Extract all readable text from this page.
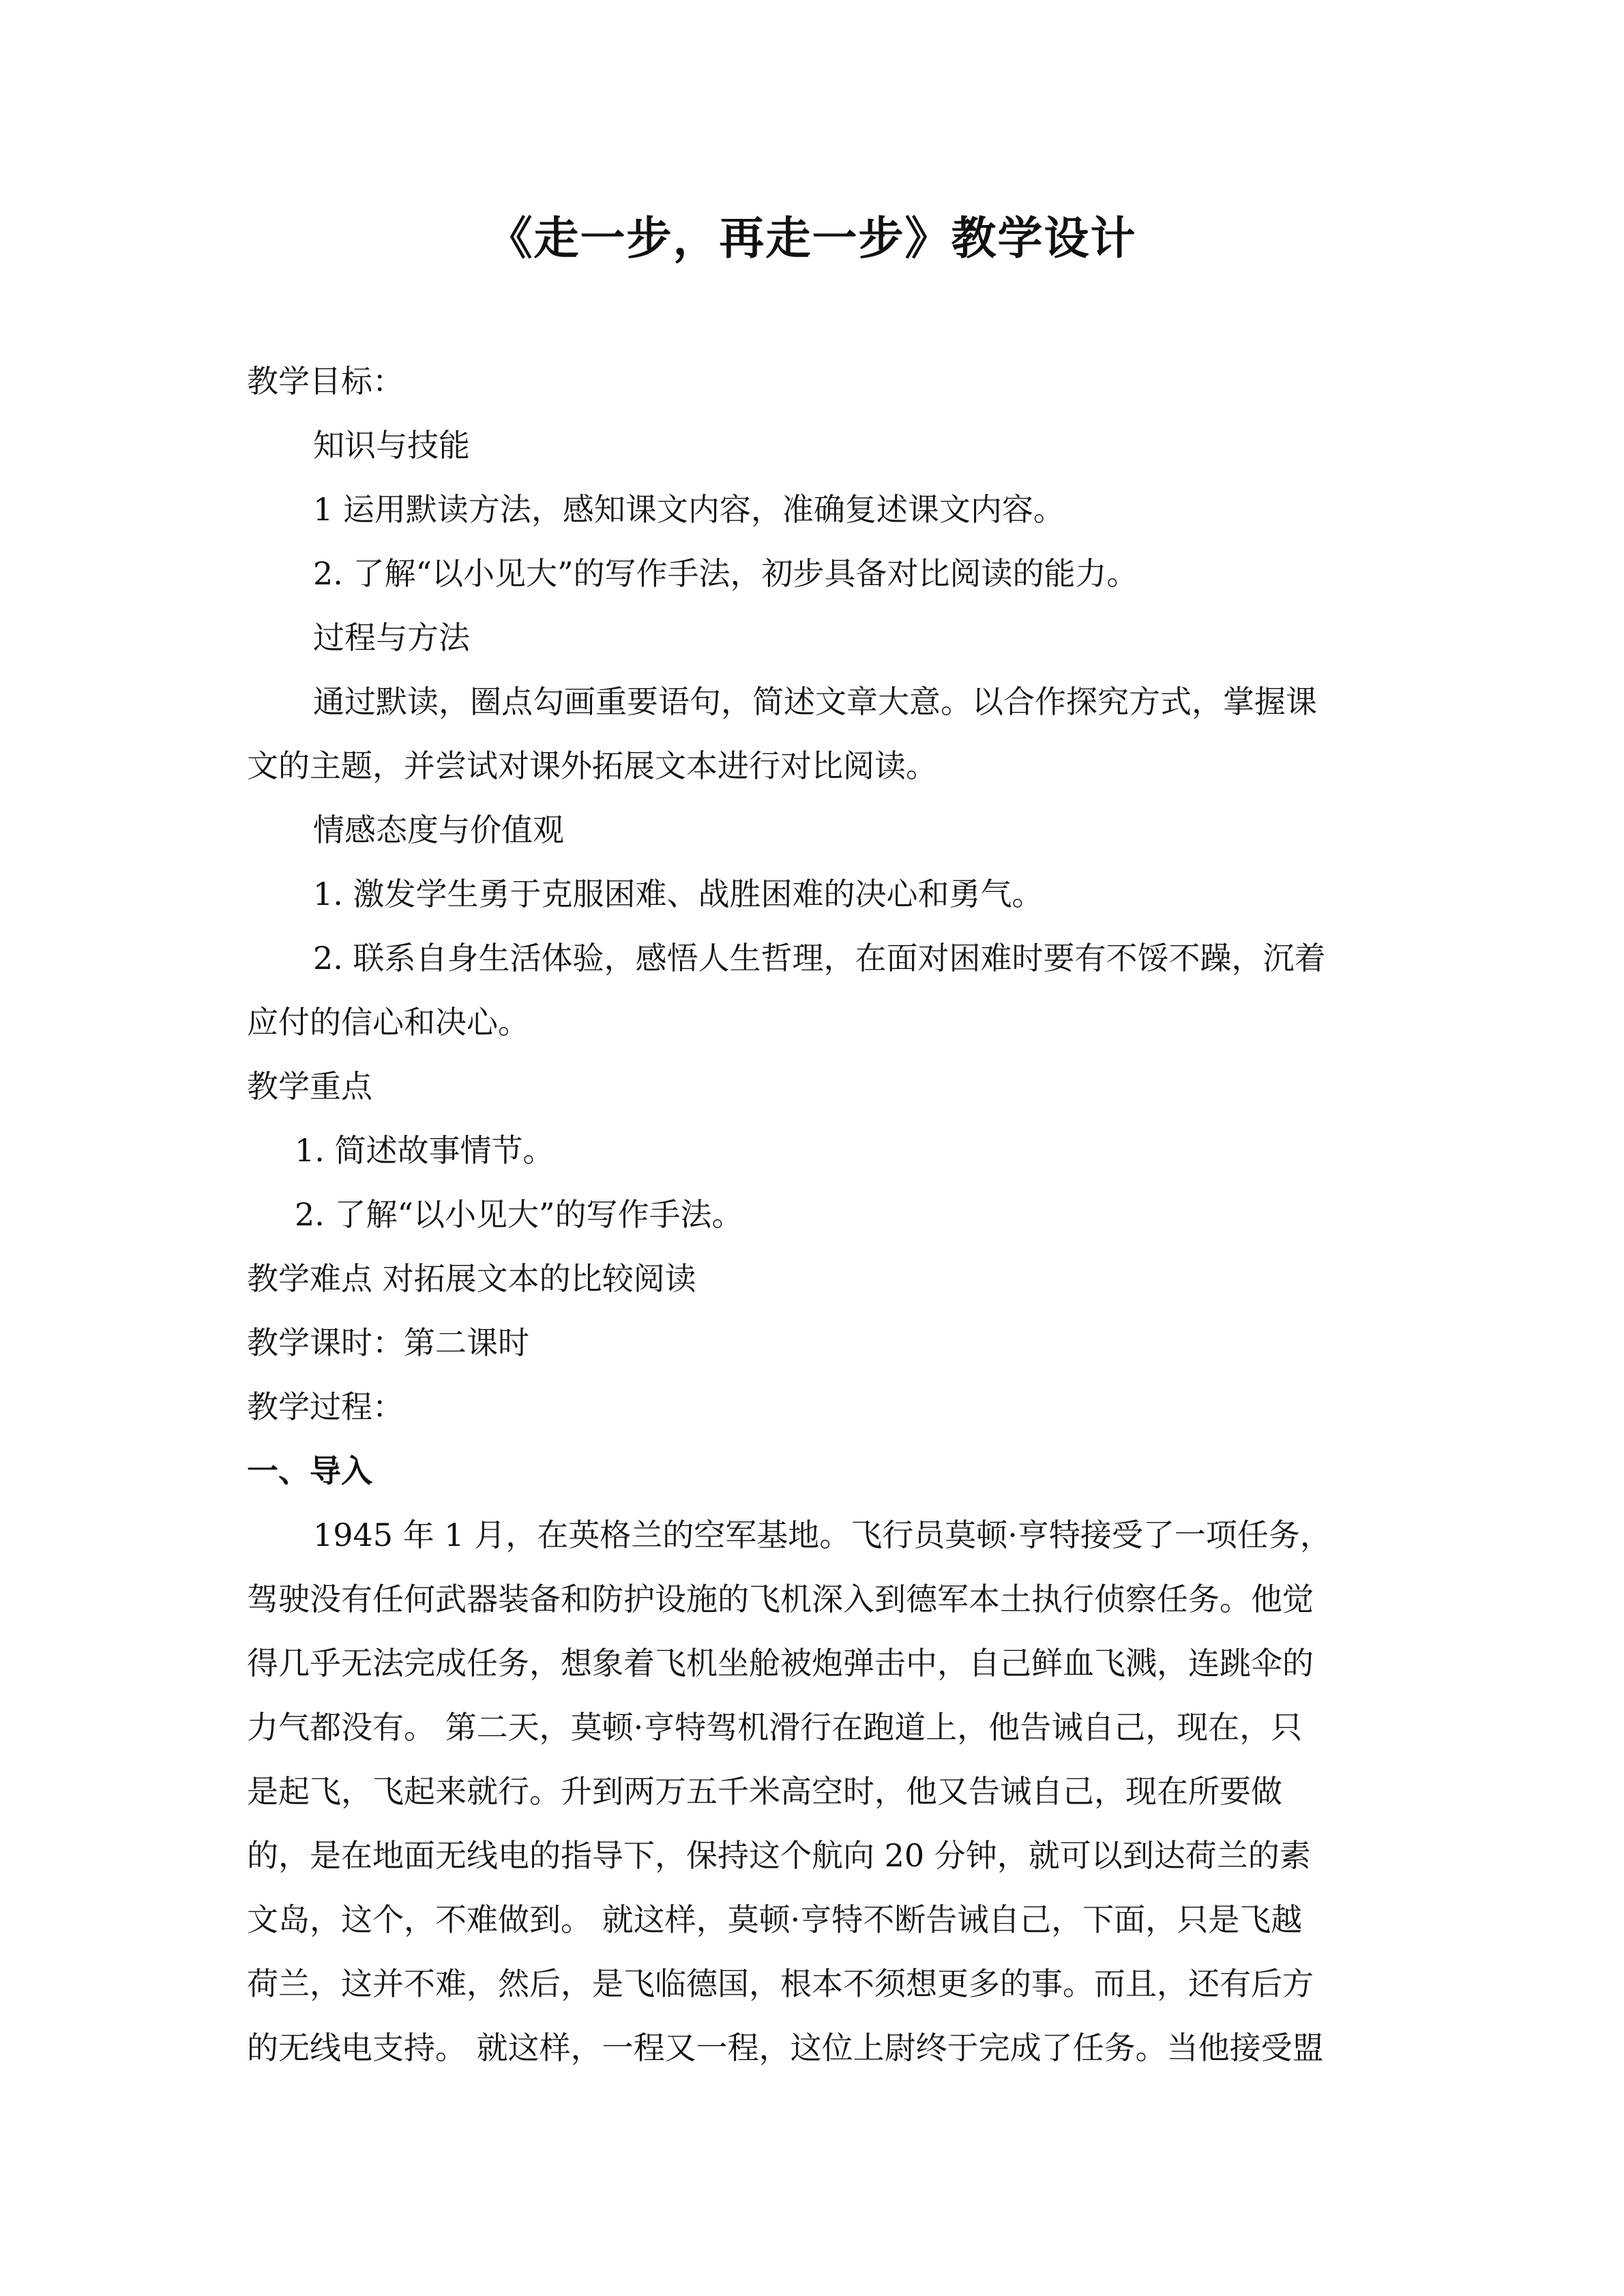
《走一步，再走一步》教学设计

教学目标：

知识与技能

1 运用默读方法，感知课文内容，准确复述课文内容。

2. 了解“以小见大”的写作手法，初步具备对比阅读的能力。

过程与方法

通过默读，圈点勾画重要语句，简述文章大意。以合作探究方式，掌握课

文的主题，并尝试对课外拓展文本进行对比阅读。

情感态度与价值观

1. 激发学生勇于克服困难、战胜困难的决心和勇气。

2. 联系自身生活体验，感悟人生哲理，在面对困难时要有不馁不躁，沉着

应付的信心和决心。

教学重点

1. 简述故事情节。

2. 了解“以小见大”的写作手法。

教学难点 对拓展文本的比较阅读

教学课时：第二课时

教学过程：

一、导入

1945 年 1 月，在英格兰的空军基地。飞行员莫顿·亨特接受了一项任务，

驾驶没有任何武器装备和防护设施的飞机深入到德军本土执行侦察任务。他觉

得几乎无法完成任务，想象着飞机坐舱被炮弹击中，自己鲜血飞溅，连跳伞的

力气都没有。 第二天，莫顿·亨特驾机滑行在跑道上，他告诫自己，现在，只

是起飞，飞起来就行。升到两万五千米高空时，他又告诫自己，现在所要做

的，是在地面无线电的指导下，保持这个航向 20 分钟，就可以到达荷兰的素

文岛，这个，不难做到。 就这样，莫顿·亨特不断告诫自己，下面，只是飞越

荷兰，这并不难，然后，是飞临德国，根本不须想更多的事。而且，还有后方

的无线电支持。 就这样，一程又一程，这位上尉终于完成了任务。当他接受盟
